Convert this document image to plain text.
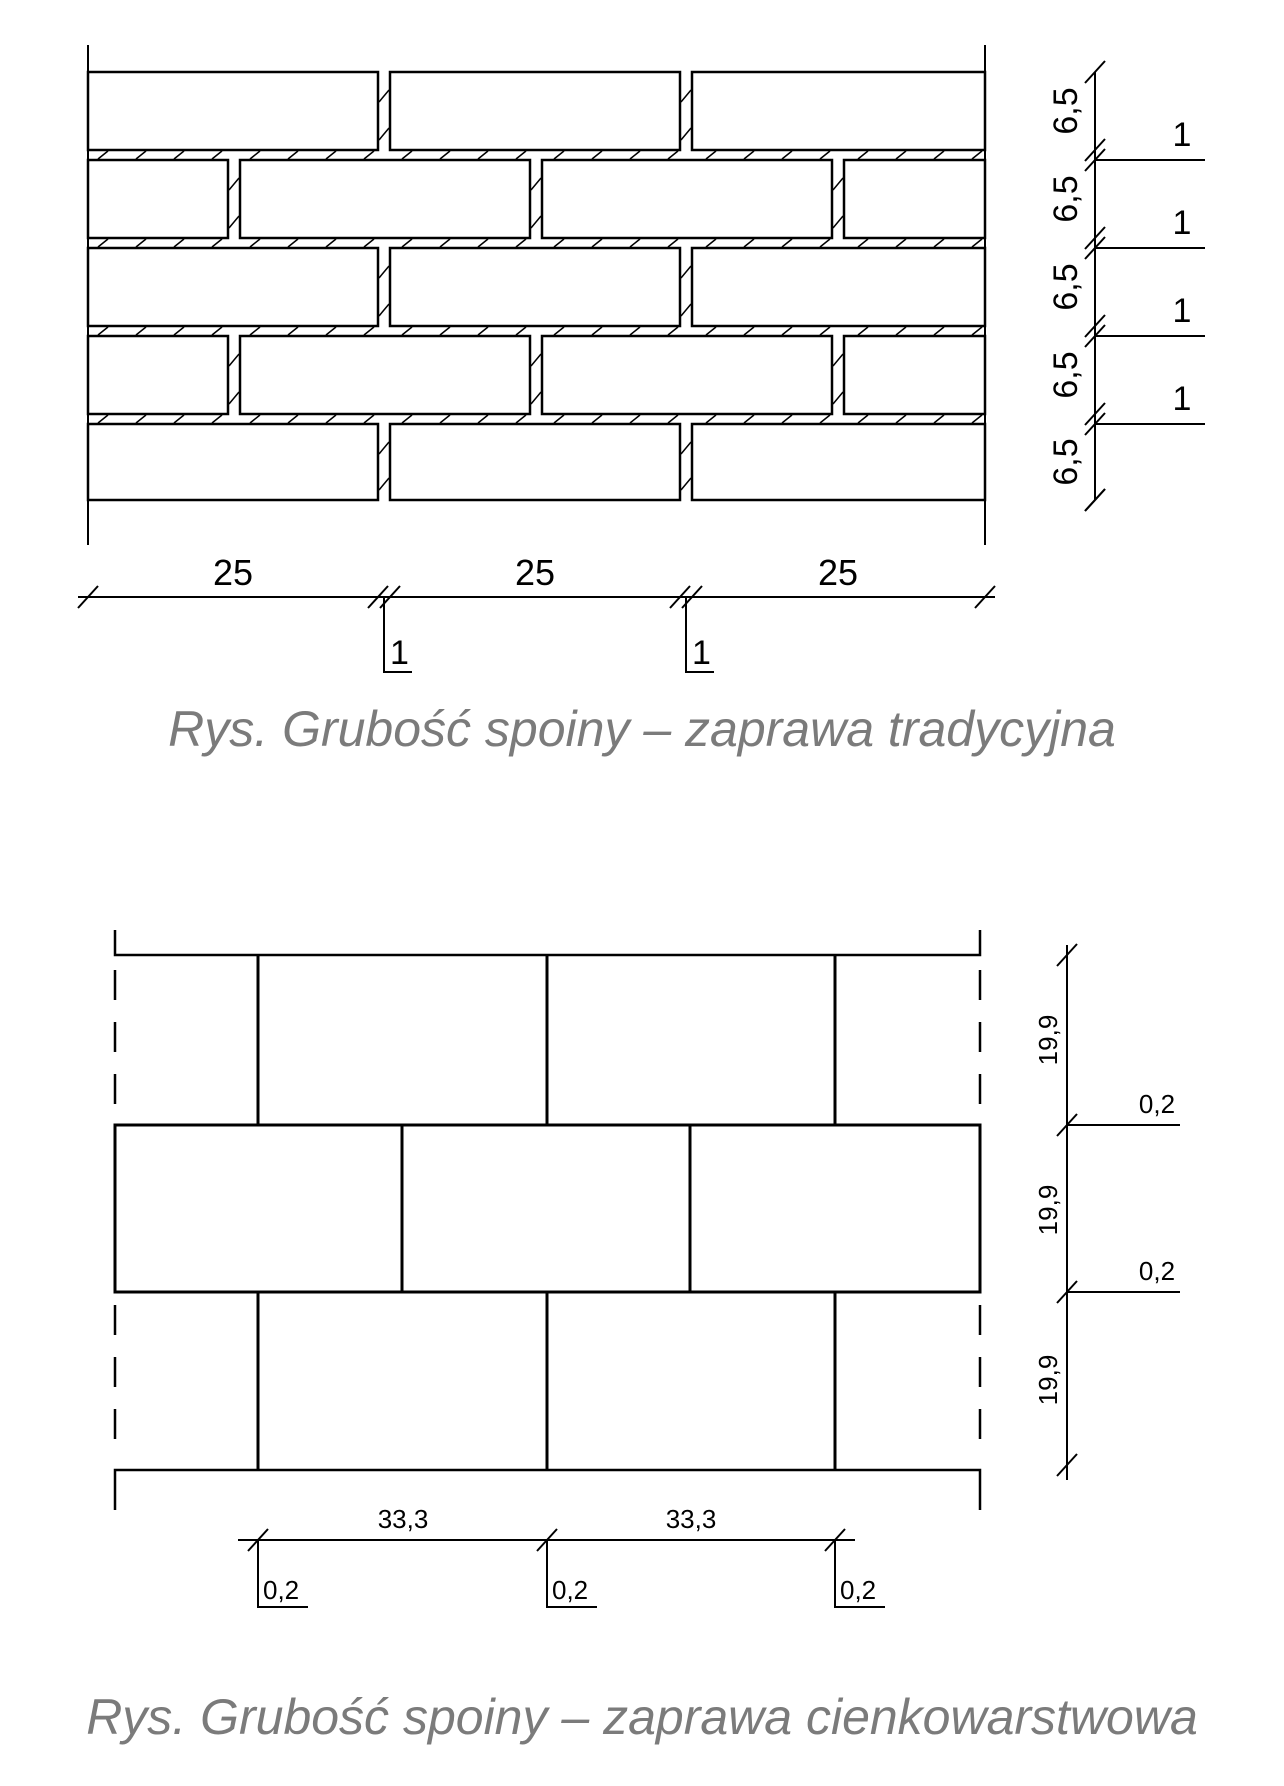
6,5
6,5
6,5
6,5
6,5
1
1
1
1
25	25	25
1	1
Rys. Grubość spoiny – zaprawa tradycyjna
19,9
19,9
19,9
0,2
0,2
33,3	33,3
0,2	0,2	0,2
Rys. Grubość spoiny – zaprawa cienkowarstwowa
